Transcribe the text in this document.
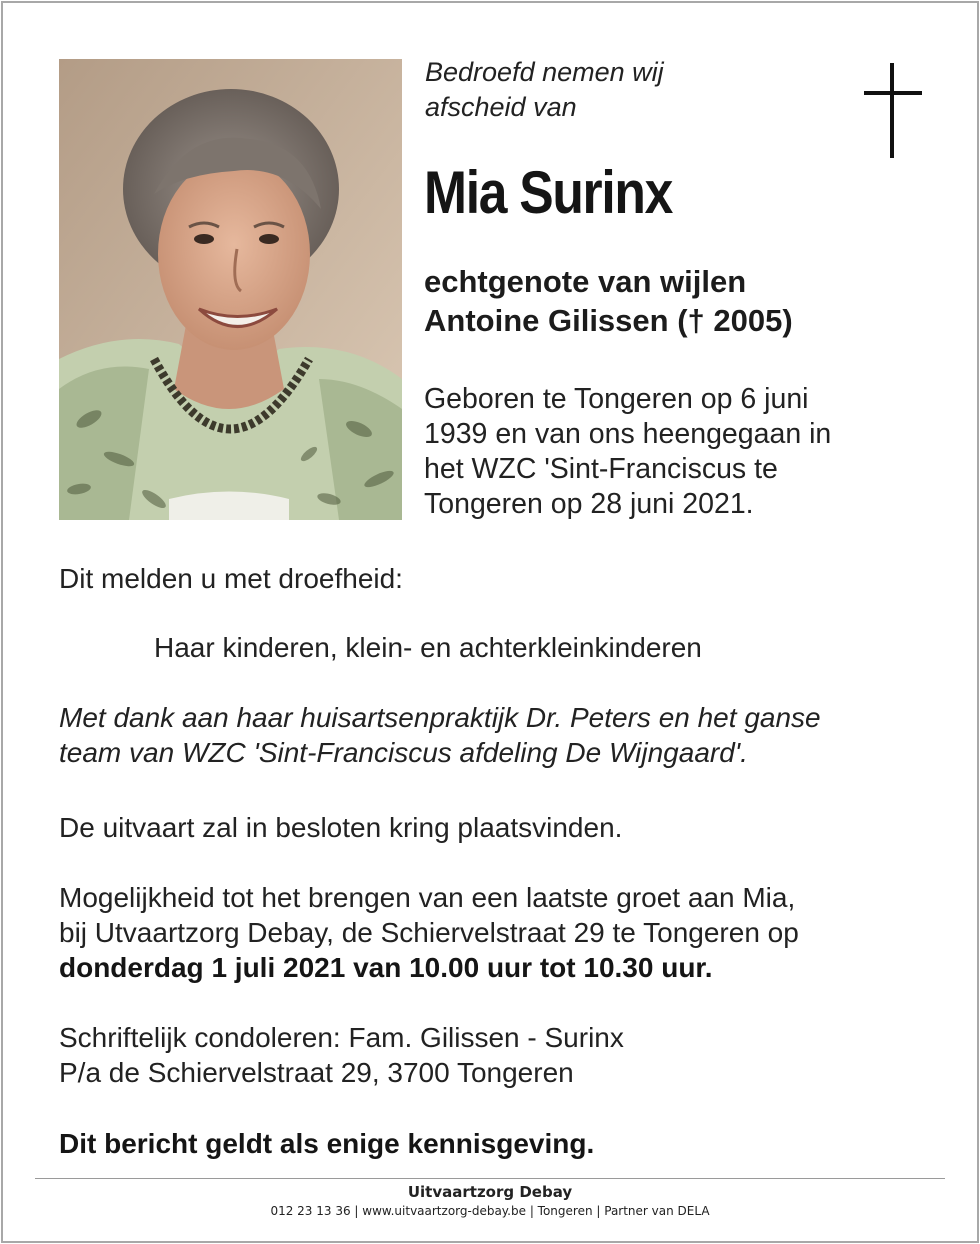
Bedroefd nemen wij
afscheid van
Mia Surinx
echtgenote van wijlen
Antoine Gilissen († 2005)
Geboren te Tongeren op 6 juni
1939 en van ons heengegaan in
het WZC 'Sint-Franciscus te
Tongeren op 28 juni 2021.
Dit melden u met droefheid:
Haar kinderen, klein- en achterkleinkinderen
Met dank aan haar huisartsenpraktijk Dr. Peters en het ganse
team van WZC 'Sint-Franciscus afdeling De Wijngaard'.
De uitvaart zal in besloten kring plaatsvinden.
Mogelijkheid tot het brengen van een laatste groet aan Mia,
bij Utvaartzorg Debay, de Schiervelstraat 29 te Tongeren op
donderdag 1 juli 2021 van 10.00 uur tot 10.30 uur.
Schriftelijk condoleren: Fam. Gilissen - Surinx
P/a de Schiervelstraat 29, 3700 Tongeren
Dit bericht geldt als enige kennisgeving.
Uitvaartzorg Debay
012 23 13 36 | www.uitvaartzorg-debay.be | Tongeren | Partner van DELA
